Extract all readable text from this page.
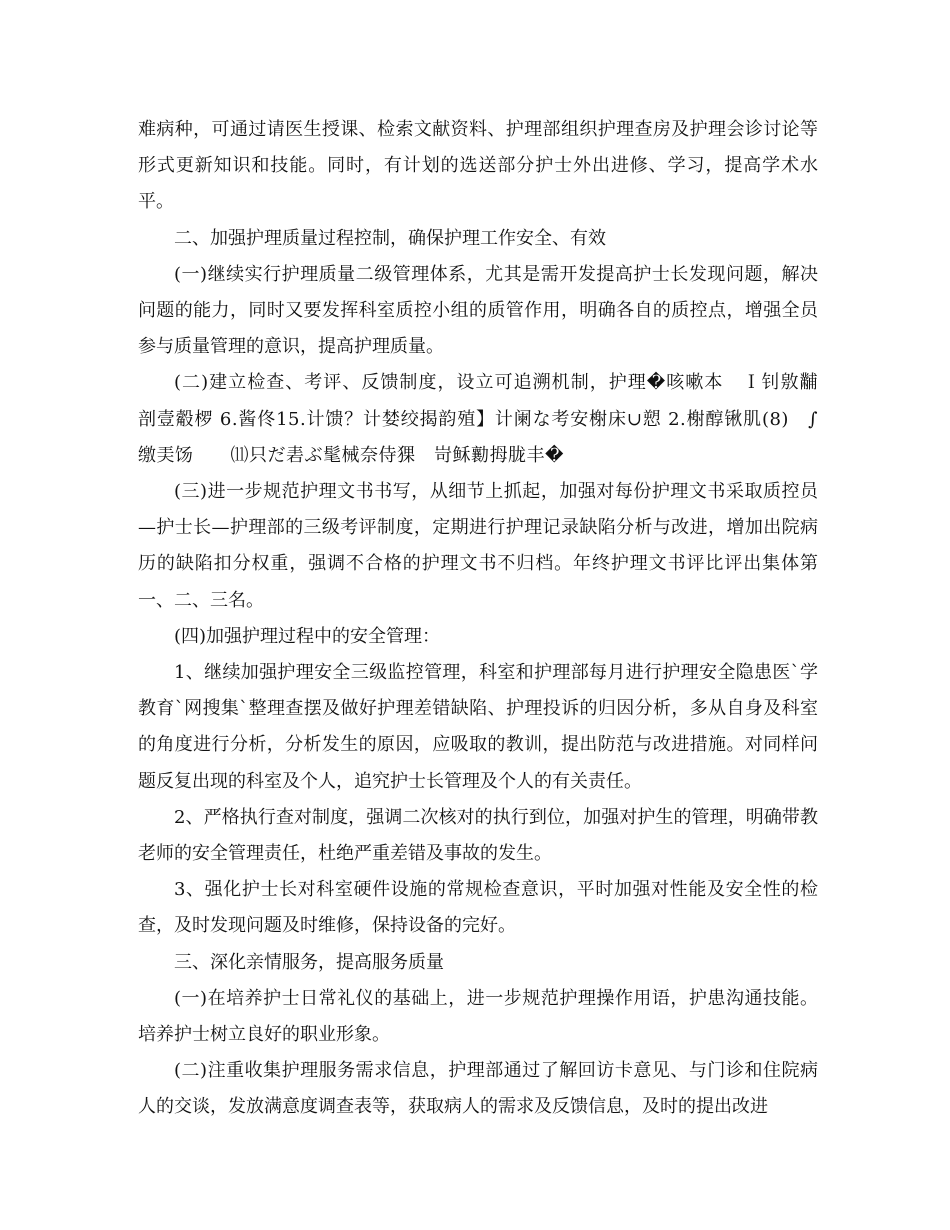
难病种，可通过请医生授课、检索文献资料、护理部组织护理查房及护理会诊讨论等形式更新知识和技能。同时，有计划的选送部分护士外出进修、学习，提高学术水平。

二、加强护理质量过程控制，确保护理工作安全、有效

(一)继续实行护理质量二级管理体系，尤其是需开发提高护士长发现问题，解决问题的能力，同时又要发挥科室质控小组的质管作用，明确各自的质控点，增强全员参与质量管理的意识，提高护理质量。

(二)建立检查、考评、反馈制度，设立可追溯机制，护理�咳嗽本　Ｉ钊敫黼剖壹觳椤 6.酱佟15.计馈？计婪绞揭韵殖】计阑な考安榭床∪愬 2.榭醇锹肌(8)　∫缴㺯饧　　⑾只だ砉ぶ髦械奈侍猓　岢稣勷拇胧丰�

(三)进一步规范护理文书书写，从细节上抓起，加强对每份护理文书采取质控员—护士长—护理部的三级考评制度，定期进行护理记录缺陷分析与改进，增加出院病历的缺陷扣分权重，强调不合格的护理文书不归档。年终护理文书评比评出集体第一、二、三名。

(四)加强护理过程中的安全管理：

1、继续加强护理安全三级监控管理，科室和护理部每月进行护理安全隐患医`学教育`网搜集`整理查摆及做好护理差错缺陷、护理投诉的归因分析，多从自身及科室的角度进行分析，分析发生的原因，应吸取的教训，提出防范与改进措施。对同样问题反复出现的科室及个人，追究护士长管理及个人的有关责任。

2、严格执行查对制度，强调二次核对的执行到位，加强对护生的管理，明确带教老师的安全管理责任，杜绝严重差错及事故的发生。

3、强化护士长对科室硬件设施的常规检查意识，平时加强对性能及安全性的检查，及时发现问题及时维修，保持设备的完好。

三、深化亲情服务，提高服务质量

(一)在培养护士日常礼仪的基础上，进一步规范护理操作用语，护患沟通技能。培养护士树立良好的职业形象。

(二)注重收集护理服务需求信息，护理部通过了解回访卡意见、与门诊和住院病人的交谈，发放满意度调查表等，获取病人的需求及反馈信息，及时的提出改进
